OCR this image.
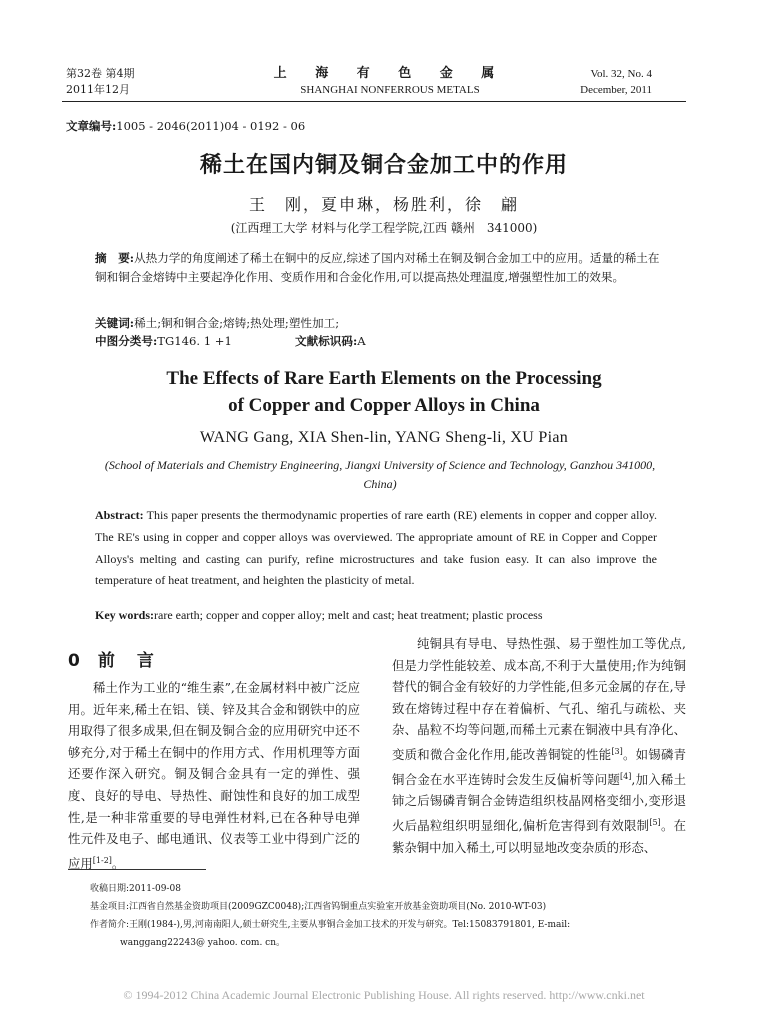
第32卷 第4期
2011年12月
上 海 有 色 金 属
SHANGHAI NONFERROUS METALS
Vol. 32, No. 4
December, 2011
文章编号:1005 - 2046(2011)04 - 0192 - 06
稀土在国内铜及铜合金加工中的作用
王　刚，夏申琳，杨胜利，徐　翩
(江西理工大学 材料与化学工程学院,江西 赣州　341000)
摘　要:从热力学的角度阐述了稀土在铜中的反应,综述了国内对稀土在铜及铜合金加工中的应用。适量的稀土在铜和铜合金熔铸中主要起净化作用、变质作用和合金化作用,可以提高热处理温度,增强塑性加工的效果。
关键词:稀土;铜和铜合金;熔铸;热处理;塑性加工;
中图分类号:TG146. 1 +1	文献标识码:A
The Effects of Rare Earth Elements on the Processing
of Copper and Copper Alloys in China
WANG Gang, XIA Shen-lin, YANG Sheng-li, XU Pian
(School of Materials and Chemistry Engineering, Jiangxi University of Science and Technology, Ganzhou 341000, China)
Abstract: This paper presents the thermodynamic properties of rare earth (RE) elements in copper and copper alloy. The RE's using in copper and copper alloys was overviewed. The appropriate amount of RE in Copper and Copper Alloys's melting and casting can purify, refine microstructures and take fusion easy. It can also improve the temperature of heat treatment, and heighten the plasticity of metal.
Key words:rare earth; copper and copper alloy; melt and cast; heat treatment; plastic process
0 前言

稀土作为工业的“维生素”,在金属材料中被广泛应用。近年来,稀土在铝、镁、锌及其合金和钢铁中的应用取得了很多成果,但在铜及铜合金的应用研究中还不够充分,对于稀土在铜中的作用方式、作用机理等方面还要作深入研究。铜及铜合金具有一定的弹性、强度、良好的导电、导热性、耐蚀性和良好的加工成型性,是一种非常重要的导电弹性材料,已在各种导电弹性元件及电子、邮电通讯、仪表等工业中得到广泛的应用[1-2]。

纯铜具有导电、导热性强、易于塑性加工等优点,但是力学性能较差、成本高,不利于大量使用;作为纯铜替代的铜合金有较好的力学性能,但多元金属的存在,导致在熔铸过程中存在着偏析、气孔、缩孔与疏松、夹杂、晶粒不均等问题,而稀土元素在铜液中具有净化、变质和微合金化作用,能改善铜锭的性能[3]。如锡磷青铜合金在水平连铸时会发生反偏析等问题[4],加入稀土铈之后锡磷青铜合金铸造组织枝晶网格变细小,变形退火后晶粒组织明显细化,偏析危害得到有效限制[5]。在紫杂铜中加入稀土,可以明显地改变杂质的形态、

收稿日期:2011-09-08
基金项目:江西省自然基金资助项目(2009GZC0048);江西省钨铜重点实验室开放基金资助项目(No. 2010-WT-03)
作者简介:王刚(1984-),男,河南南阳人,硕士研究生,主要从事铜合金加工技术的开发与研究。Tel:15083791801, E-mail:
wanggang22243@ yahoo. com. cn。
© 1994-2012 China Academic Journal Electronic Publishing House. All rights reserved. http://www.cnki.net
